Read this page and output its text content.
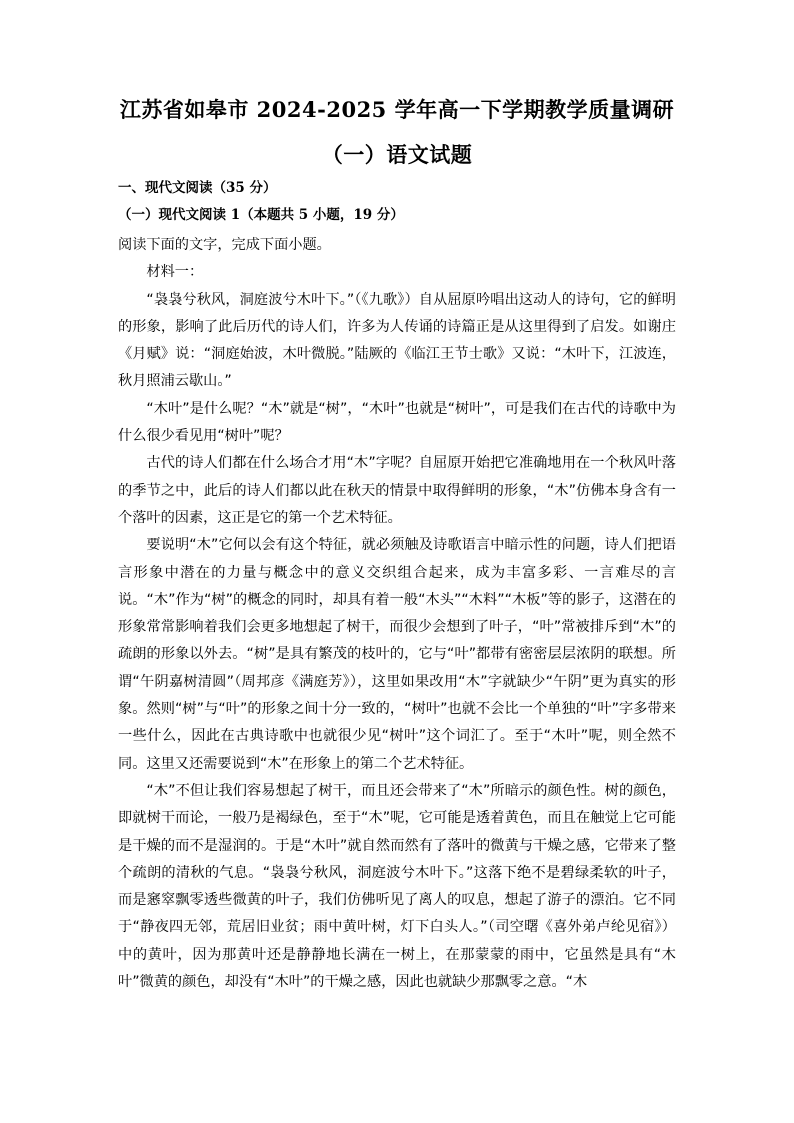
江苏省如皋市 2024-2025 学年高一下学期教学质量调研
（一）语文试题
一、现代文阅读（35 分）
（一）现代文阅读 1（本题共 5 小题，19 分）

阅读下面的文字，完成下面小题。

材料一：

“袅袅兮秋风，洞庭波兮木叶下。”（《九歌》）自从屈原吟唱出这动人的诗句，它的鲜明的形象，影响了此后历代的诗人们，许多为人传诵的诗篇正是从这里得到了启发。如谢庄《月赋》说：“洞庭始波，木叶微脱。”陆厥的《临江王节士歌》又说：“木叶下，江波连，秋月照浦云歇山。”

“木叶”是什么呢？“木”就是“树”，“木叶”也就是“树叶”，可是我们在古代的诗歌中为什么很少看见用“树叶”呢？

古代的诗人们都在什么场合才用“木”字呢？自屈原开始把它准确地用在一个秋风叶落的季节之中，此后的诗人们都以此在秋天的情景中取得鲜明的形象，“木”仿佛本身含有一个落叶的因素，这正是它的第一个艺术特征。

要说明“木”它何以会有这个特征，就必须触及诗歌语言中暗示性的问题，诗人们把语言形象中潜在的力量与概念中的意义交织组合起来，成为丰富多彩、一言难尽的言说。“木”作为“树”的概念的同时，却具有着一般“木头”“木料”“木板”等的影子，这潜在的形象常常影响着我们会更多地想起了树干，而很少会想到了叶子，“叶”常被排斥到“木”的疏朗的形象以外去。“树”是具有繁茂的枝叶的，它与“叶”都带有密密层层浓阴的联想。所谓“午阴嘉树清圆”（周邦彦《满庭芳》），这里如果改用“木”字就缺少“午阴”更为真实的形象。然则“树”与“叶”的形象之间十分一致的，“树叶”也就不会比一个单独的“叶”字多带来一些什么，因此在古典诗歌中也就很少见“树叶”这个词汇了。至于“木叶”呢，则全然不同。这里又还需要说到“木”在形象上的第二个艺术特征。

“木”不但让我们容易想起了树干，而且还会带来了“木”所暗示的颜色性。树的颜色，即就树干而论，一般乃是褐绿色，至于“木”呢，它可能是透着黄色，而且在触觉上它可能是干燥的而不是湿润的。于是“木叶”就自然而然有了落叶的微黄与干燥之感，它带来了整个疏朗的清秋的气息。“袅袅兮秋风，洞庭波兮木叶下。”这落下绝不是碧绿柔软的叶子，而是窸窣飘零透些微黄的叶子，我们仿佛听见了离人的叹息，想起了游子的漂泊。它不同于“静夜四无邻，荒居旧业贫；雨中黄叶树，灯下白头人。”（司空曙《喜外弟卢纶见宿》）中的黄叶，因为那黄叶还是静静地长满在一树上，在那蒙蒙的雨中，它虽然是具有“木叶”微黄的颜色，却没有“木叶”的干燥之感，因此也就缺少那飘零之意。“木
